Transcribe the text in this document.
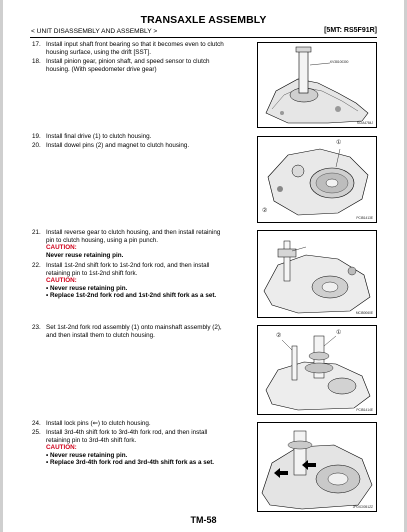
TRANSAXLE ASSEMBLY
< UNIT DISASSEMBLY AND ASSEMBLY >	[5MT: RS5F91R]
17. Install input shaft front bearing so that it becomes even to clutch
housing surface, using the drift [SST].
18. Install pinion gear, pinion shaft, and speed sensor to clutch
housing. (With speedometer drive gear)
KV38100300
SCIA4784J
19. Install final drive (1) to clutch housing.
20. Install dowel pins (2) and magnet to clutch housing.	①
②
PCIB1413E
21. Install reverse gear to clutch housing, and then install retaining
pin to clutch housing, using a pin punch.
CAUTION:
Never reuse retaining pin.
22. Install 1st-2nd shift fork to 1st-2nd fork rod, and then install
retaining pin to 1st-2nd shift fork.
CAUTION:
• Never reuse retaining pin.
• Replace 1st-2nd fork rod and 1st-2nd shift fork as a set.
MCIB0060E
23. Set 1st-2nd fork rod assembly (1) onto mainshaft assembly (2),
and then install them to clutch housing.	②	①
PCIB1414E
24. Install lock pins (⇐) to clutch housing.
25. Install 3rd-4th shift fork to 3rd-4th fork rod, and then install
retaining pin to 3rd-4th shift fork.
CAUTION:
• Never reuse retaining pin.
• Replace 3rd-4th fork rod and 3rd-4th shift fork as a set.
JPDIC0051ZZ
TM-58
